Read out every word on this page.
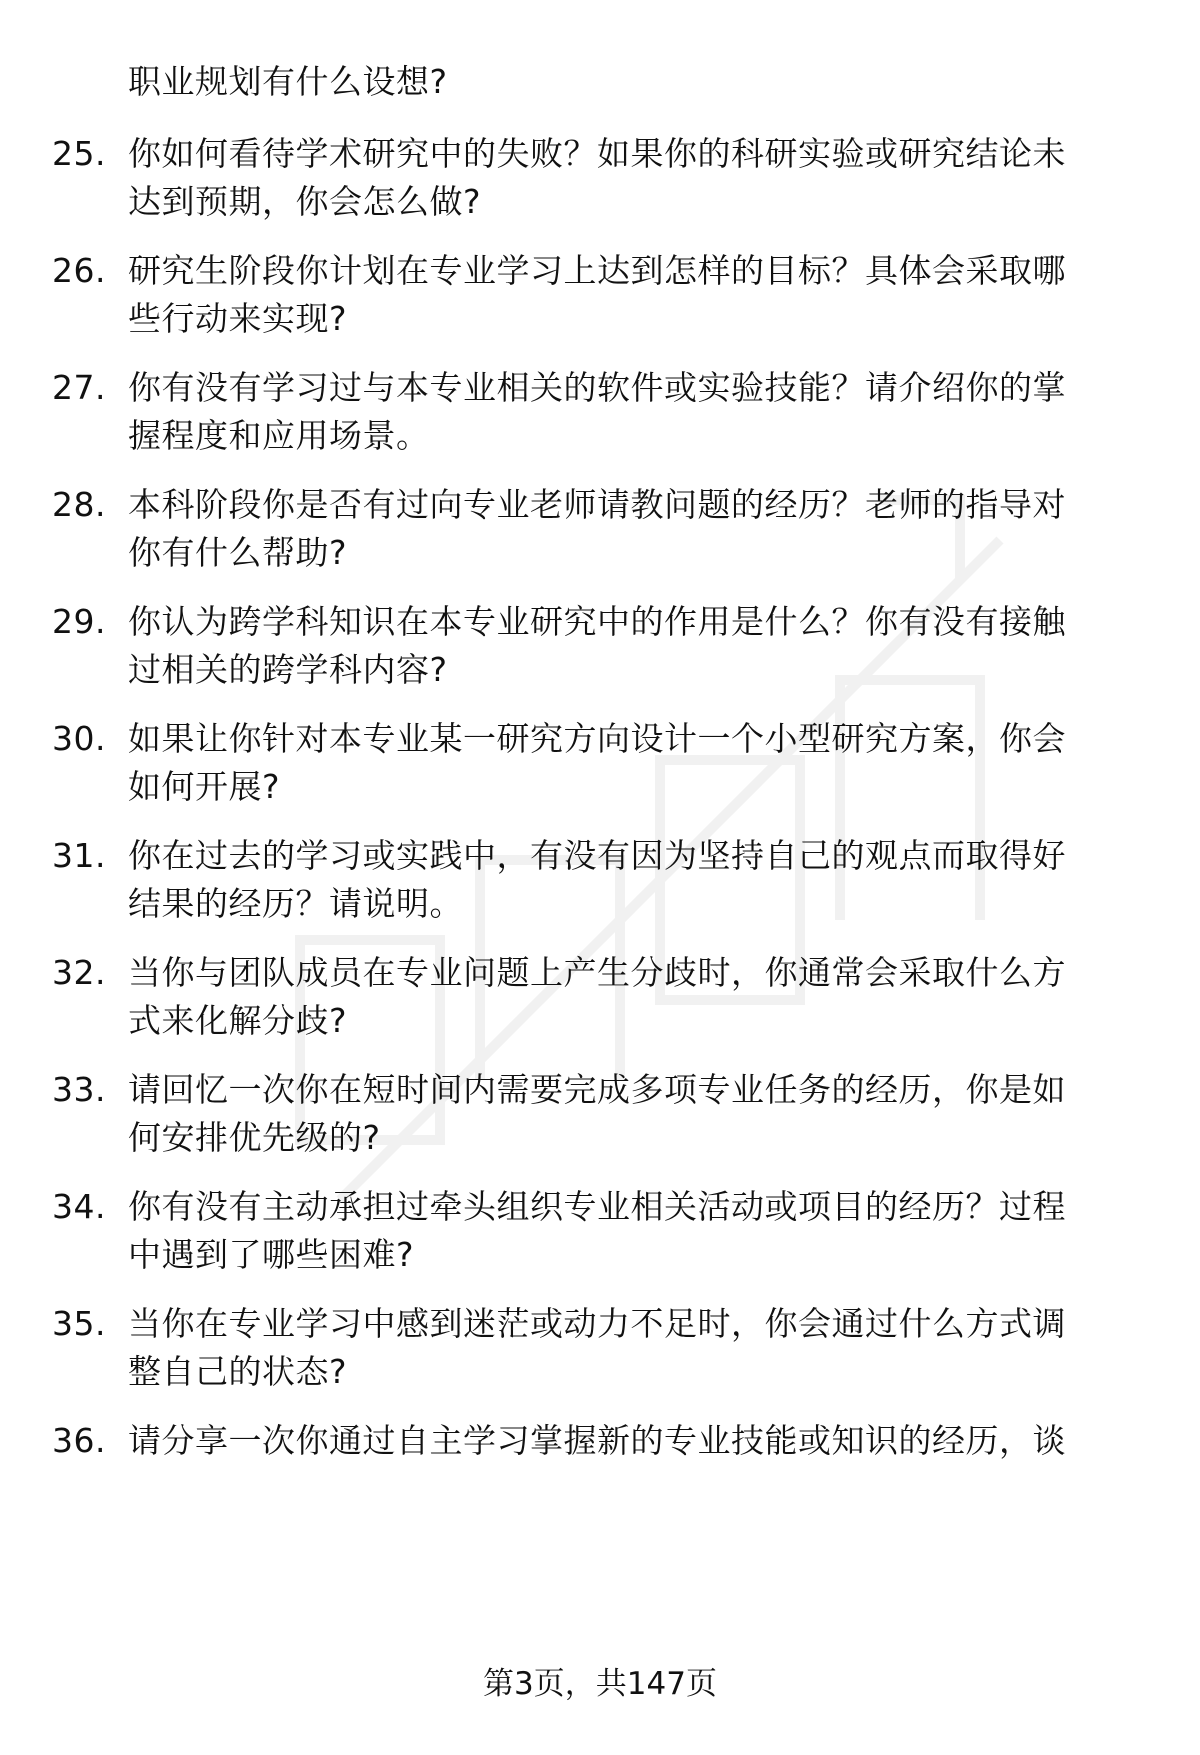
职业规划有什么设想?
25. 你如何看待学术研究中的失败？如果你的科研实验或研究结论未
达到预期，你会怎么做?
26. 研究生阶段你计划在专业学习上达到怎样的目标？具体会采取哪
些行动来实现?
27. 你有没有学习过与本专业相关的软件或实验技能？请介绍你的掌
握程度和应用场景。
28. 本科阶段你是否有过向专业老师请教问题的经历？老师的指导对
你有什么帮助?
29. 你认为跨学科知识在本专业研究中的作用是什么？你有没有接触
过相关的跨学科内容?
30. 如果让你针对本专业某一研究方向设计一个小型研究方案，你会
如何开展?
31. 你在过去的学习或实践中，有没有因为坚持自己的观点而取得好
结果的经历？请说明。
32. 当你与团队成员在专业问题上产生分歧时，你通常会采取什么方
式来化解分歧?
33. 请回忆一次你在短时间内需要完成多项专业任务的经历，你是如
何安排优先级的?
34. 你有没有主动承担过牵头组织专业相关活动或项目的经历？过程
中遇到了哪些困难?
35. 当你在专业学习中感到迷茫或动力不足时，你会通过什么方式调
整自己的状态?
36. 请分享一次你通过自主学习掌握新的专业技能或知识的经历，谈
第3页，共147页
